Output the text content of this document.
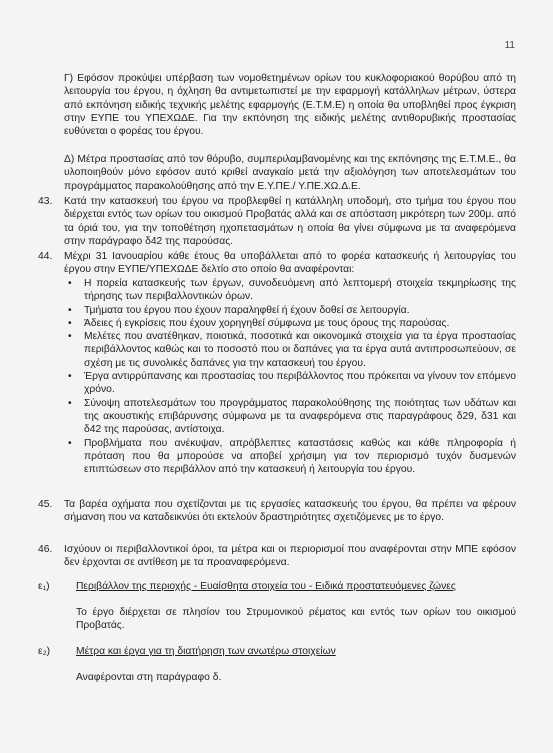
11
Γ) Εφόσον προκύψει υπέρβαση των νομοθετημένων ορίων του κυκλοφοριακού θορύβου από τη λειτουργία του έργου, η όχληση θα αντιμετωπιστεί με την εφαρμογή κατάλληλων μέτρων, ύστερα από εκπόνηση ειδικής τεχνικής μελέτης εφαρμογής (Ε.Τ.Μ.Ε) η οποία θα υποβληθεί προς έγκριση στην ΕΥΠΕ του ΥΠΕΧΩΔΕ. Για την εκπόνηση της ειδικής μελέτης αντιθορυβικής προστασίας ευθύνεται ο φορέας του έργου.
Δ) Μέτρα προστασίας από τον θόρυβο, συμπεριλαμβανομένης και της εκπόνησης της Ε.Τ.Μ.Ε., θα υλοποιηθούν μόνο εφόσον αυτό κριθεί αναγκαίο μετά την αξιολόγηση των αποτελεσμάτων του προγράμματος παρακολούθησης από την Ε.Υ.ΠΕ./ Υ.ΠΕ.ΧΩ.Δ.Ε.
43. Κατά την κατασκευή του έργου να προβλεφθεί η κατάλληλη υποδομή, στο τμήμα του έργου που διέρχεται εντός των ορίων του οικισμού Προβατάς αλλά και σε απόσταση μικρότερη των 200μ. από τα όριά του, για την τοποθέτηση ηχοπετασμάτων η οποία θα γίνει σύμφωνα με τα αναφερόμενα στην παράγραφο δ42 της παρούσας.
44. Μέχρι 31 Ιανουαρίου κάθε έτους θα υποβάλλεται από το φορέα κατασκευής ή λειτουργίας του έργου στην ΕΥΠΕ/ΥΠΕΧΩΔΕ δελτίο στο οποίο θα αναφέρονται:
• Η πορεία κατασκευής των έργων, συνοδευόμενη από λεπτομερή στοιχεία τεκμηρίωσης της τήρησης των περιβαλλοντικών όρων.
• Τμήματα του έργου που έχουν παραληφθεί ή έχουν δοθεί σε λειτουργία.
• Άδειες ή εγκρίσεις που έχουν χορηγηθεί σύμφωνα με τους όρους της παρούσας.
• Μελέτες που ανατέθηκαν, ποιοτικά, ποσοτικά και οικονομικά στοιχεία για τα έργα προστασίας περιβάλλοντος καθώς και το ποσοστό που οι δαπάνες για τα έργα αυτά αντιπροσωπεύουν, σε σχέση με τις συνολικές δαπάνες για την κατασκευή του έργου.
• Έργα αντιρρύπανσης και προστασίας του περιβάλλοντος που πρόκειται να γίνουν τον επόμενο χρόνο.
• Σύνοψη αποτελεσμάτων του προγράμματος παρακολούθησης της ποιότητας των υδάτων και της ακουστικής επιβάρυνσης σύμφωνα με τα αναφερόμενα στις παραγράφους δ29, δ31 και δ42 της παρούσας, αντίστοιχα.
• Προβλήματα που ανέκυψαν, απρόβλεπτες καταστάσεις καθώς και κάθε πληροφορία ή πρόταση που θα μπορούσε να αποβεί χρήσιμη για τον περιορισμό τυχόν δυσμενών επιπτώσεων στο περιβάλλον από την κατασκευή ή λειτουργία του έργου.
45. Τα βαρέα οχήματα που σχετίζονται με τις εργασίες κατασκευής του έργου, θα πρέπει να φέρουν σήμανση που να καταδεικνύει ότι εκτελούν δραστηριότητες σχετιζόμενες με το έργο.
46. Ισχύουν οι περιβαλλοντικοί όροι, τα μέτρα και οι περιορισμοί που αναφέρονται στην ΜΠΕ εφόσον δεν έρχονται σε αντίθεση με τα προαναφερόμενα.
ε₁)	Περιβάλλον της περιοχής - Ευαίσθητα στοιχεία του - Ειδικά προστατευόμενες ζώνες
Το έργο διέρχεται σε πλησίον του Στρυμονικού ρέματος και εντός των ορίων του οικισμού Προβατάς.
ε₂)	Μέτρα και έργα για τη διατήρηση των ανωτέρω στοιχείων
Αναφέρονται στη παράγραφο δ.
